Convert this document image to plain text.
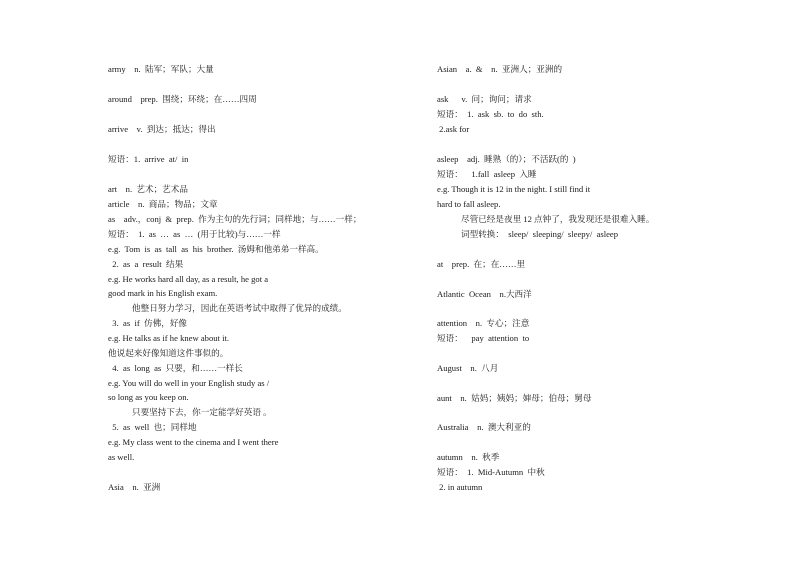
army    n.  陆军；军队；大量
around    prep.  围绕；环绕；在……四周
arrive    v.  到达；抵达；得出
短语：1.  arrive  at/  in
art    n.  艺术；艺术品
article    n.  商品；物品；文章
as    adv.，conj  &  prep.  作为主句的先行词；同样地；与……一样；
短语：  1.  as  …  as  …  (用于比较)与……一样
e.g.  Tom  is  as  tall  as  his  brother.  汤姆和他弟弟一样高。
2.  as  a  result  结果
e.g. He works hard all day, as a result, he got a
good mark in his English exam.
他整日努力学习，因此在英语考试中取得了优异的成绩。
3.  as  if  仿佛，好像
e.g. He talks as if he knew about it.
他说起来好像知道这件事似的。
4.  as  long  as  只要，和……一样长
e.g. You will do well in your English study as /
so long as you keep on.
只要坚持下去，你一定能学好英语 。
5.  as  well  也；同样地
e.g. My class went to the cinema and I went there
as well.
Asia    n.  亚洲
Asian    a.  &    n.  亚洲人；亚洲的
ask      v.  问；询问；请求
短语：  1.  ask  sb.  to  do  sth.
2.ask for
asleep    adj.  睡熟（的）；不活跃(的  )
短语：    1.fall  asleep  入睡
e.g. Though it is 12 in the night. I still find it
hard to fall asleep.
尽管已经是夜里 12 点钟了，我发现还是很难入睡。
词型转换：  sleep/  sleeping/  sleepy/  asleep
at    prep.  在；在……里
Atlantic  Ocean    n.大西洋
attention    n.  专心；注意
短语：    pay  attention  to
August    n.  八月
aunt    n.  姑妈；姨妈；婶母；伯母；舅母
Australia    n.  澳大利亚的
autumn    n.  秋季
短语：  1.  Mid-Autumn  中秋
2. in autumn
